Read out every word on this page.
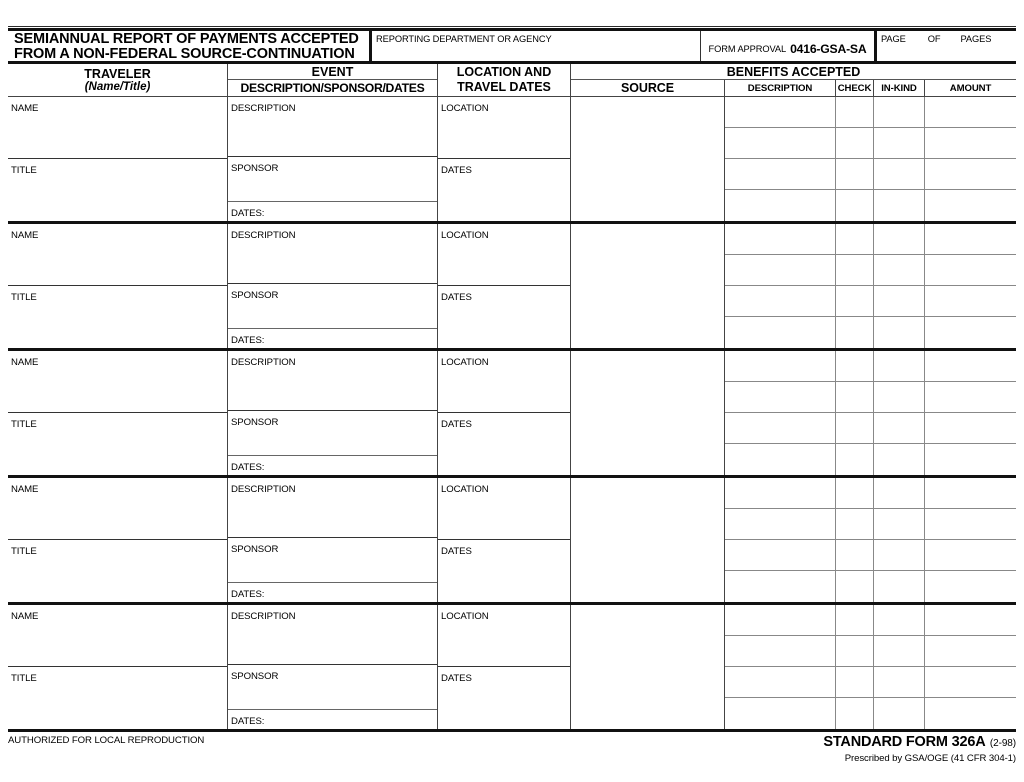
SEMIANNUAL REPORT OF PAYMENTS ACCEPTED
FROM A NON-FEDERAL SOURCE-CONTINUATION
REPORTING DEPARTMENT OR AGENCY
FORM APPROVAL 0416-GSA-SA
PAGE OF PAGES
TRAVELER
(Name/Title)
EVENT
DESCRIPTION/SPONSOR/DATES
LOCATION AND
TRAVEL DATES
BENEFITS ACCEPTED
SOURCE	DESCRIPTION	CHECK	IN-KIND	AMOUNT
NAME
TITLE
DESCRIPTION
SPONSOR
DATES:
LOCATION
DATES
NAME
TITLE
DESCRIPTION
SPONSOR
DATES:
LOCATION
DATES
NAME
TITLE
DESCRIPTION
SPONSOR
DATES:
LOCATION
DATES
NAME
TITLE
DESCRIPTION
SPONSOR
DATES:
LOCATION
DATES
NAME
TITLE
DESCRIPTION
SPONSOR
DATES:
LOCATION
DATES
AUTHORIZED FOR LOCAL REPRODUCTION	STANDARD FORM 326A (2-98)
Prescribed by GSA/OGE (41 CFR 304-1)
